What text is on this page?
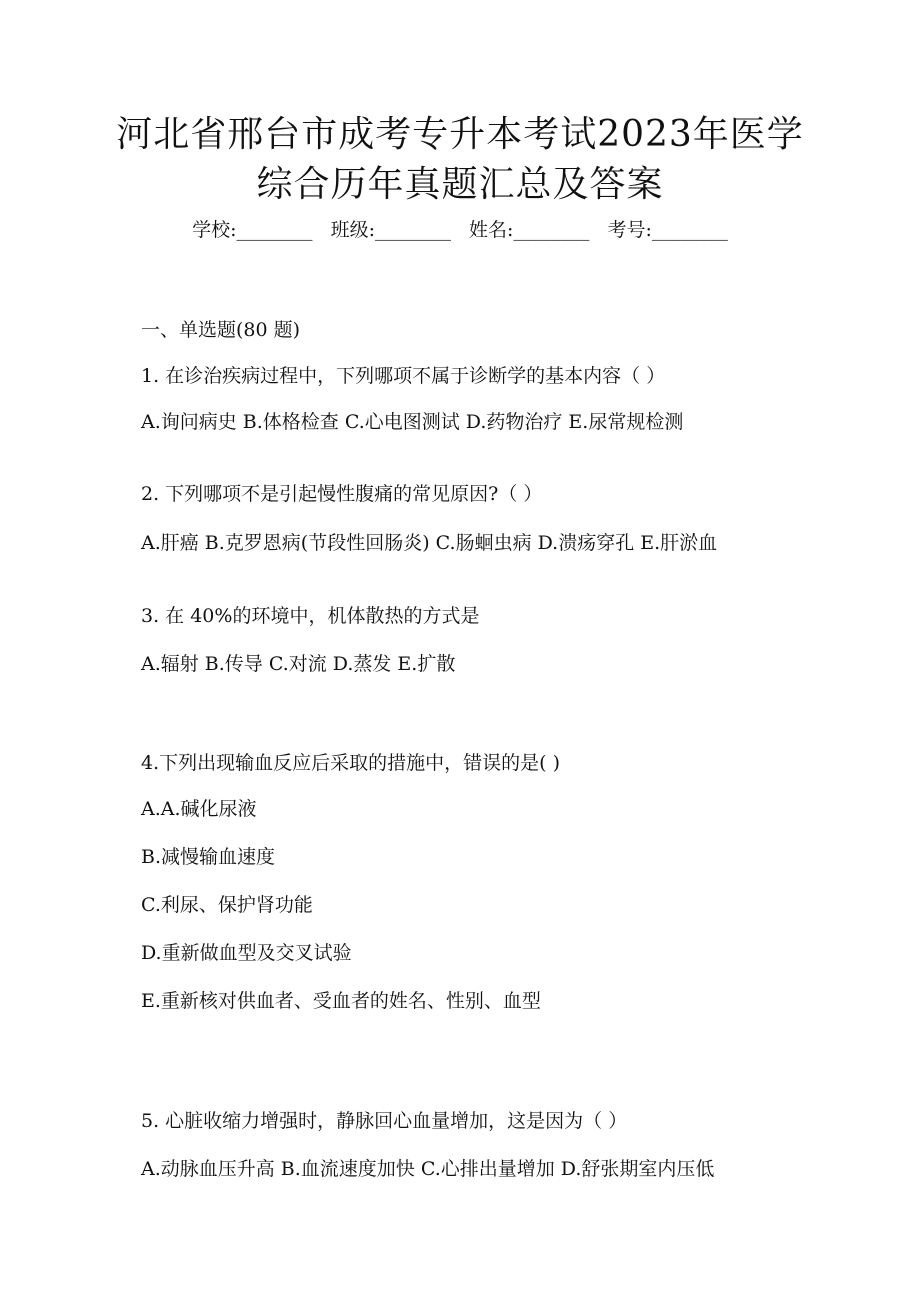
河北省邢台市成考专升本考试2023年医学
综合历年真题汇总及答案
学校:________ 班级:________ 姓名:________ 考号:________
一、单选题(80 题)
1. 在诊治疾病过程中，下列哪项不属于诊断学的基本内容（ ）
A.询问病史 B.体格检查 C.心电图测试 D.药物治疗 E.尿常规检测
2. 下列哪项不是引起慢性腹痛的常见原因?（ ）
A.肝癌 B.克罗恩病(节段性回肠炎) C.肠蛔虫病 D.溃疡穿孔 E.肝淤血
3. 在 40%的环境中，机体散热的方式是
A.辐射 B.传导 C.对流 D.蒸发 E.扩散
4.下列出现输血反应后采取的措施中，错误的是( )
A.A.碱化尿液
B.减慢输血速度
C.利尿、保护肾功能
D.重新做血型及交叉试验
E.重新核对供血者、受血者的姓名、性别、血型
5. 心脏收缩力增强时，静脉回心血量增加，这是因为（ ）
A.动脉血压升高 B.血流速度加快 C.心排出量增加 D.舒张期室内压低
